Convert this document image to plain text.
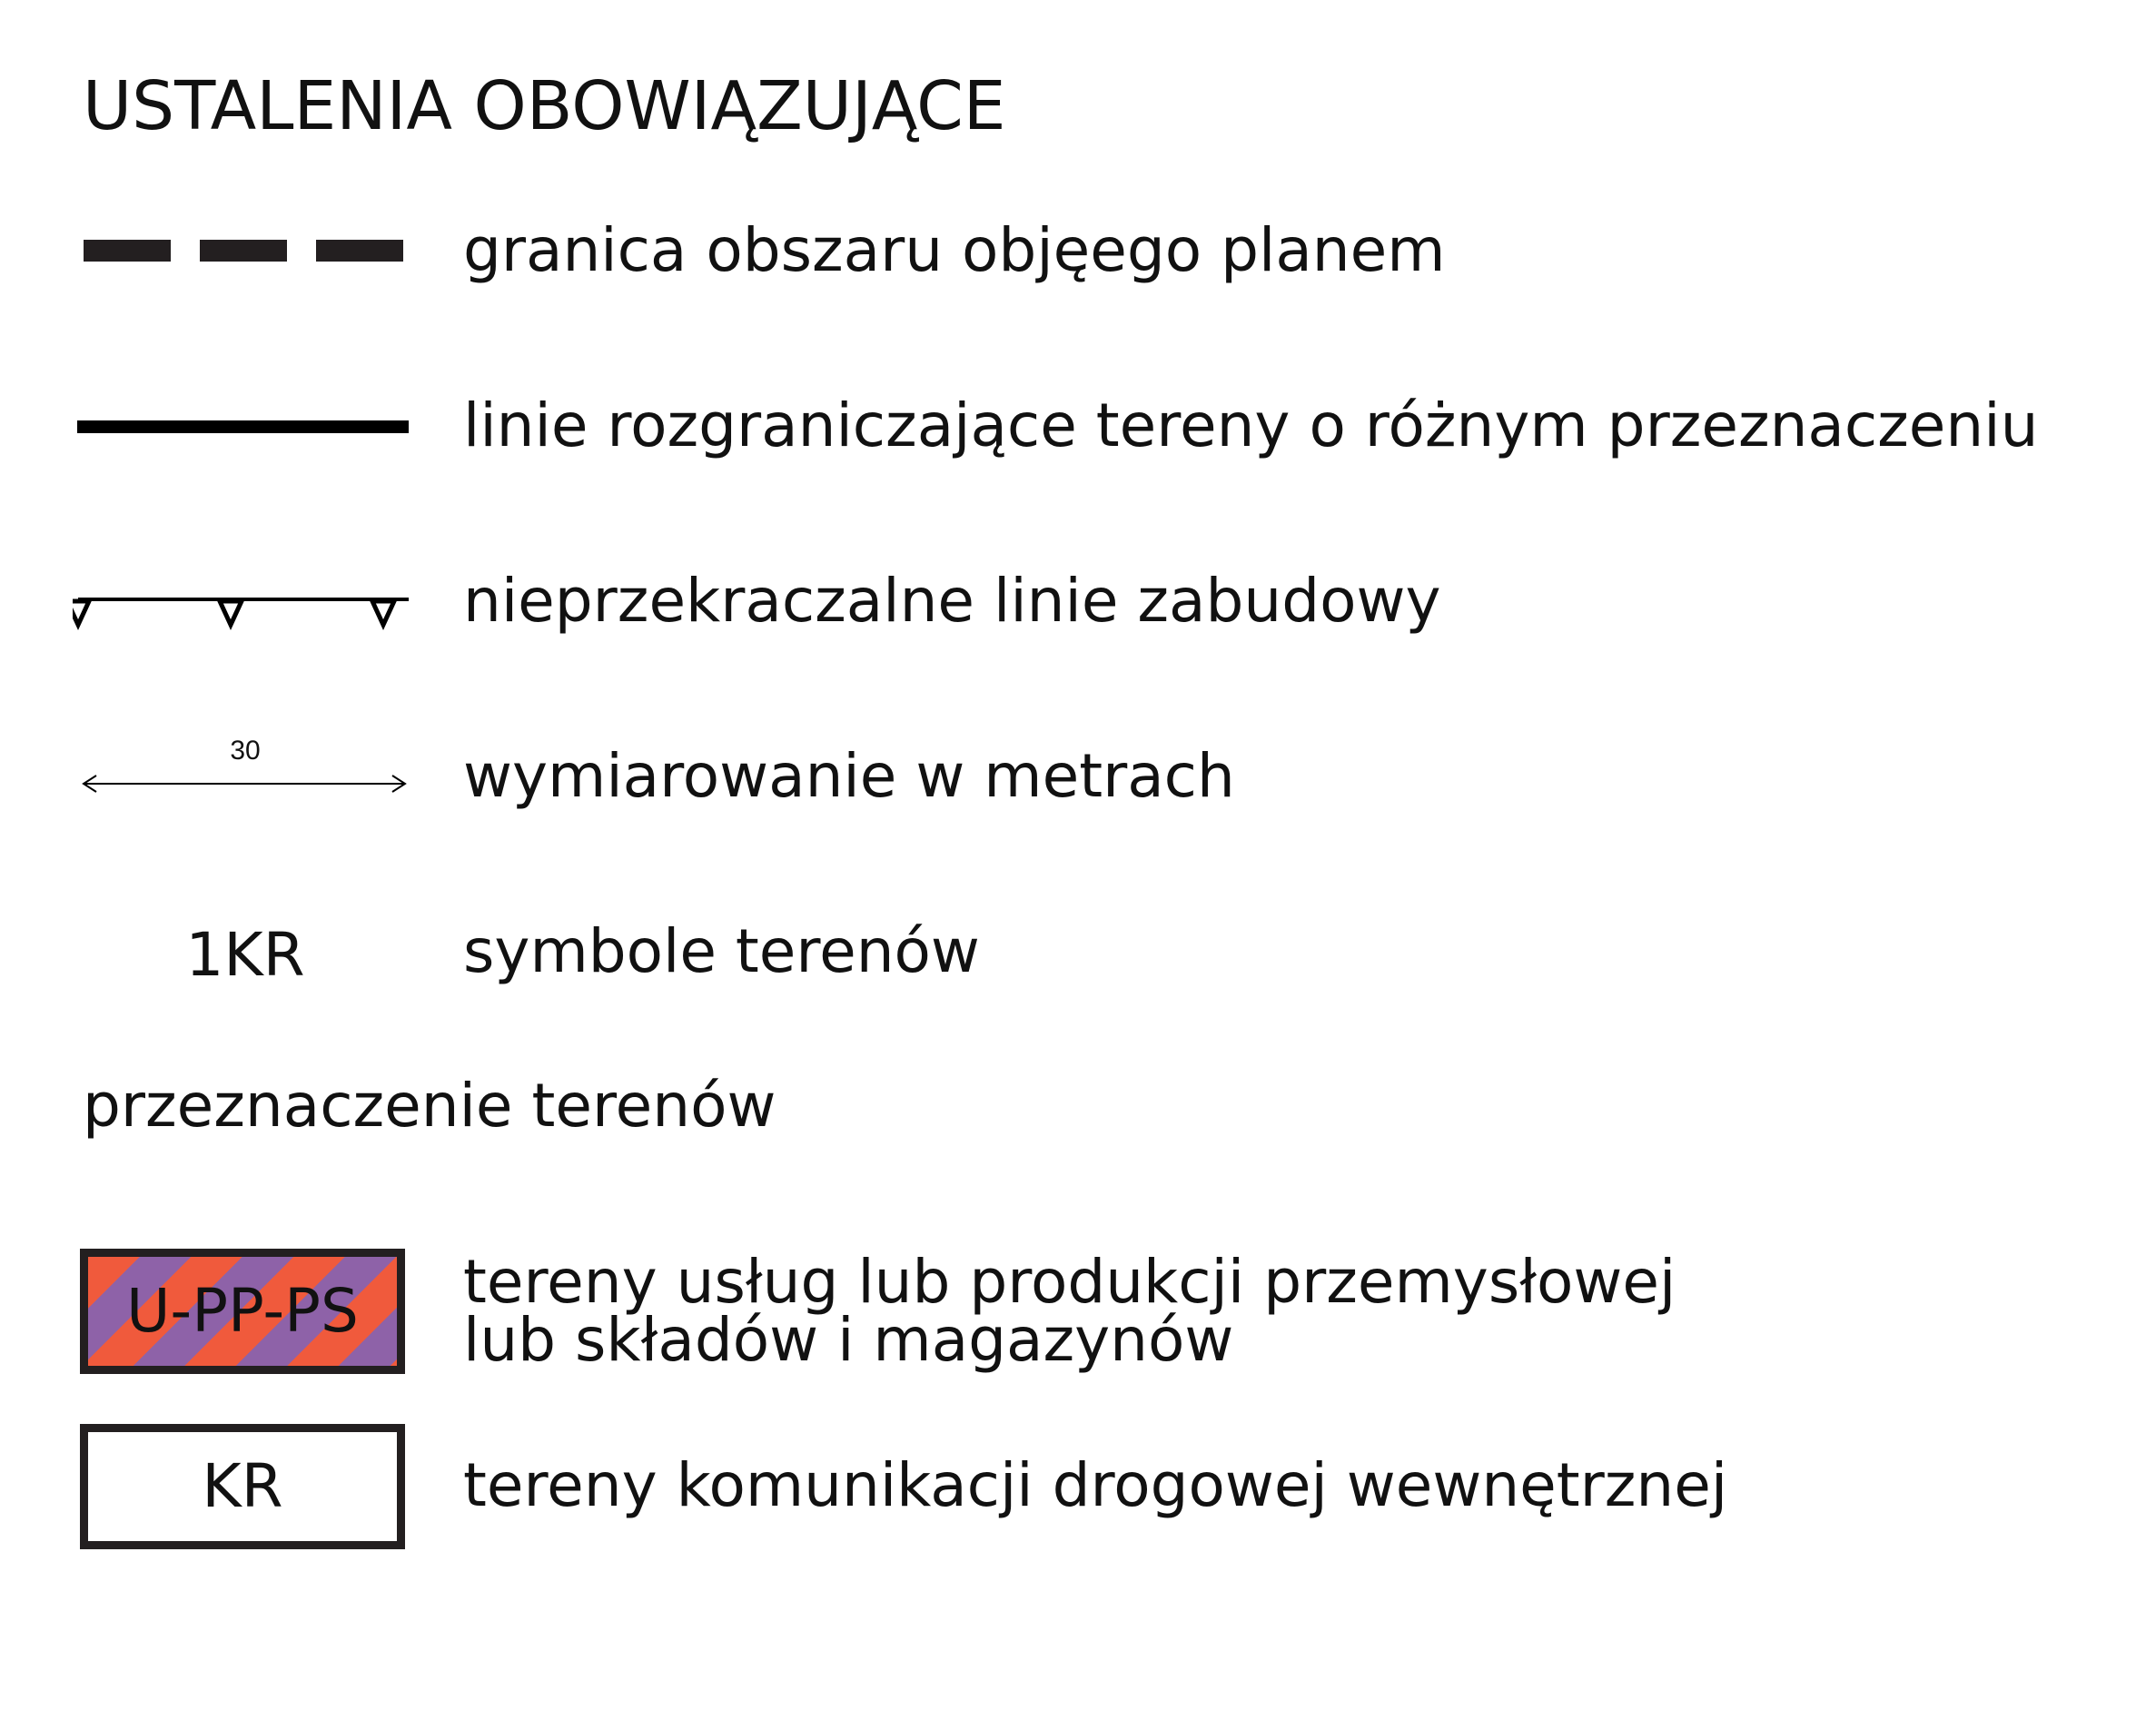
USTALENIA OBOWIĄZUJĄCE
granica obszaru objęego planem
linie rozgraniczające tereny o różnym przeznaczeniu
nieprzekraczalne linie zabudowy
30	wymiarowanie w metrach
1KR	symbole terenów
przeznaczenie terenów
U-PP-PS	tereny usług lub produkcji przemysłowej
lub składów i magazynów
KR	tereny komunikacji drogowej wewnętrznej
